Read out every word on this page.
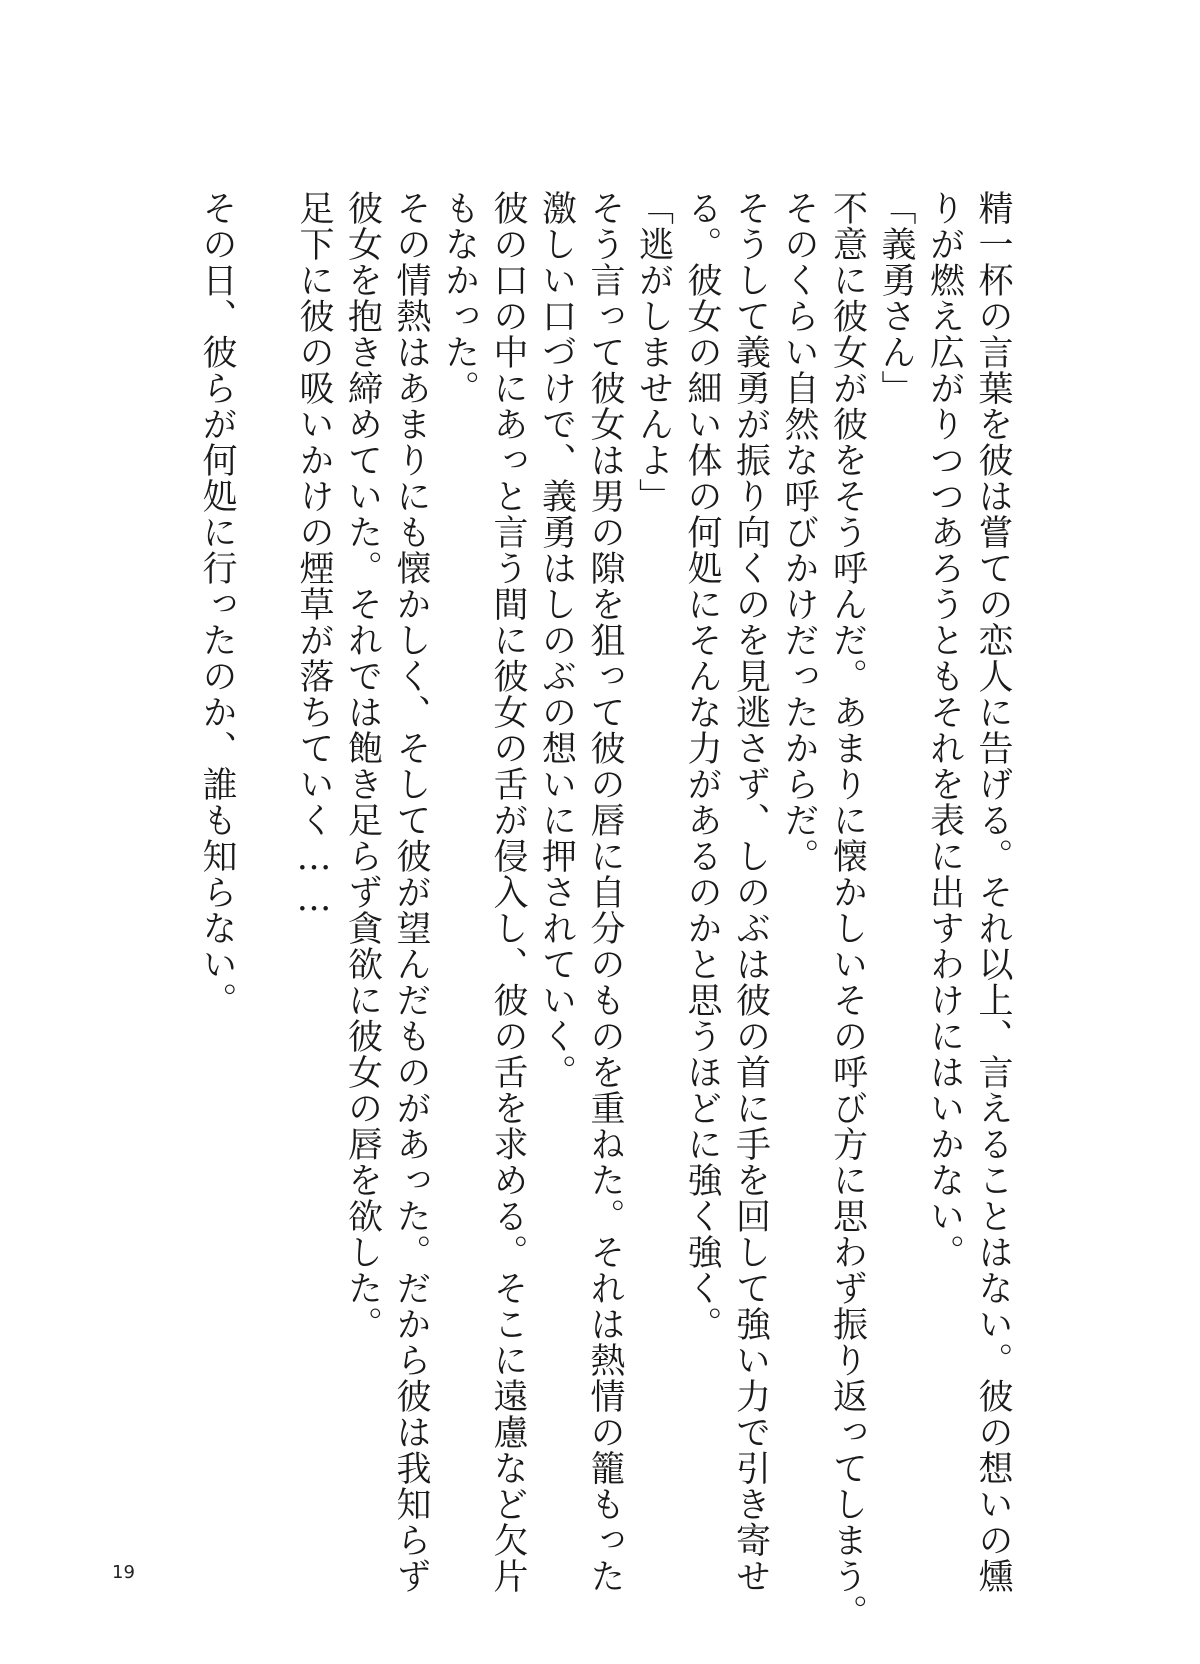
精一杯の言葉を彼は嘗ての恋人に告げる。それ以上、言えることはない。彼の想いの燻
りが燃え広がりつつあろうともそれを表に出すわけにはいかない。
「義勇さん」
不意に彼女が彼をそう呼んだ。あまりに懐かしいその呼び方に思わず振り返ってしまう。
そのくらい自然な呼びかけだったからだ。
そうして義勇が振り向くのを見逃さず、しのぶは彼の首に手を回して強い力で引き寄せ
る。彼女の細い体の何処にそんな力があるのかと思うほどに強く強く。
「逃がしませんよ」
そう言って彼女は男の隙を狙って彼の唇に自分のものを重ねた。それは熱情の籠もった
激しい口づけで、義勇はしのぶの想いに押されていく。
彼の口の中にあっと言う間に彼女の舌が侵入し、彼の舌を求める。そこに遠慮など欠片
もなかった。
その情熱はあまりにも懐かしく、そして彼が望んだものがあった。だから彼は我知らず
彼女を抱き締めていた。それでは飽き足らず貪欲に彼女の唇を欲した。
足下に彼の吸いかけの煙草が落ちていく……

その日、彼らが何処に行ったのか、誰も知らない。
19
